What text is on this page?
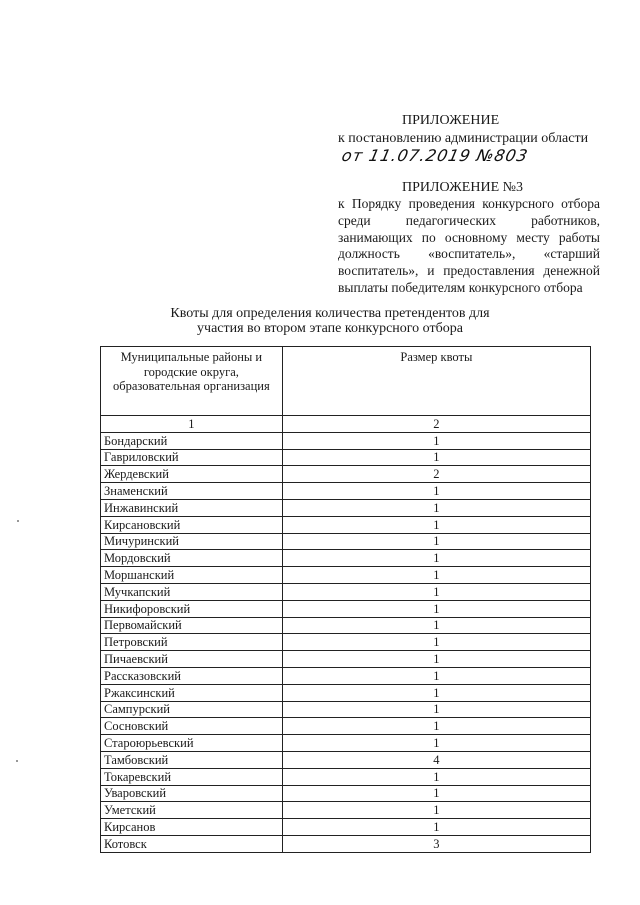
ПРИЛОЖЕНИЕ
к постановлению администрации области
от 11.07.2019 №803
ПРИЛОЖЕНИЕ №3
к Порядку проведения конкурсного отбора среди педагогических работников, занимающих по основному месту работы должность «воспитатель», «старший воспитатель», и предоставления денежной выплаты победителям конкурсного отбора
Квоты для определения количества претендентов для
участия во втором этапе конкурсного отбора
Муниципальные районы и городские округа, образовательная организация	Размер квоты
1	2
Бондарский	1
Гавриловский	1
Жердевский	2
Знаменский	1
Инжавинский	1
Кирсановский	1
Мичуринский	1
Мордовский	1
Моршанский	1
Мучкапский	1
Никифоровский	1
Первомайский	1
Петровский	1
Пичаевский	1
Рассказовский	1
Ржаксинский	1
Сампурский	1
Сосновский	1
Староюрьевский	1
Тамбовский	4
Токаревский	1
Уваровский	1
Уметский	1
Кирсанов	1
Котовск	3
